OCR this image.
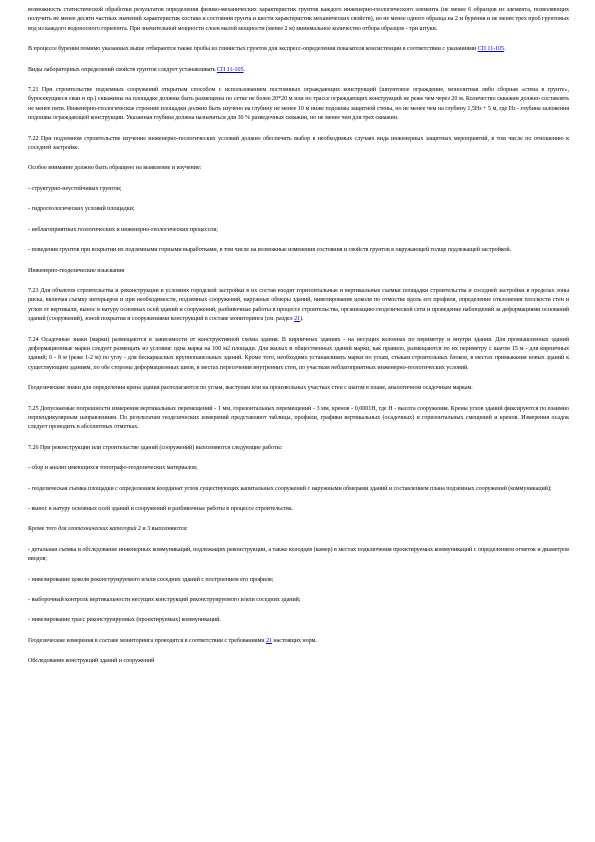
возможность статистической обработки результатов определения физико-механических характеристик грунтов каждого инженерно-геологического элемента (не менее 6 образцов из элемента, позволяющих получить не менее десяти частных значений характеристик состава и состояния грунта и шести характеристик механических свойств), но не менее одного образца на 2 м бурения и не менее трех проб грунтовых вод из каждого водоносного горизонта. При значительной мощности слоев малой мощности (менее 2 м) минимальное количество отбора образцов - три штуки.

В процессе бурения помимо указанных выше отбираются также пробы из глинистых грунтов для экспресс-определения показателя консистенции в соответствии с указаниями СП 11-105.

Виды лабораторных определений свойств грунтов следует устанавливать СП 11-105.

7.21 При строительстве подземных сооружений открытым способом с использованием постоянных ограждающих конструкций (шпунтовое ограждение, монолитная либо сборная «стена в грунте», буросекущиеся сваи и пр.) скважины на площадке должны быть размещены по сетке не более 20*20 м или по трассе ограждающих конструкций не реже чем через 20 м. Количество скважин должно составлять не менее пяти. Инженерно-геологическое строение площадки должно быть изучено на глубину не менее 10 м ниже подошвы защитной стены, но не менее чем на глубину 1,5Hз + 5 м, где Hз - глубина заложения подошвы ограждающей конструкции. Указанная глубина должна назначаться для 30 % разведочных скважин, но не менее чем для трех скважин.

7.22 При подземном строительстве изучение инженерно-геологических условий должно обеспечить выбор в необходимых случаях вида инженерных защитных мероприятий, в том числе по отношению к соседней застройке.

Особое внимание должно быть обращено на выявление и изучение:

- структурно-неустойчивых грунтов;

- гидрогеологических условий площадки;

- неблагоприятных геологических и инженерно-геологических процессов;

- поведения грунтов при вскрытии их подземными горными выработками, в том числе на возможные изменения состояния и свойств грунтов в окружающей толще подлежащей застройкой.

Инженерно-геодезические изыскания

7.23 Для объектов строительства и реконструкции в условиях городской застройки в их состав входят горизонтальные и вертикальные съемки площадки строительства и соседней застройки в пределах зоны риска, включая съемку интерьеров и при необходимости, подземных сооружений, наружные обмеры зданий, нивелирование цоколя по отмостке вдоль его профиля, определение отклонения плоскости стен и углов от вертикали, вынос в натуру основных осей зданий и сооружений, разбивочные работы в процессе строительства, организацию геодезической сети и проведение наблюдений за деформациями оснований зданий (сооружений), зоной покрытия и сооружениями конструкций в составе мониторинга (см. раздел 21).

7.24 Осадочные знаки (марки) размещаются в зависимости от конструктивной схемы здания. В кирпичных зданиях - на несущих колоннах по периметру и внутри здания. Для промышленных зданий деформационные марки следует размещать из условия: одна марка на 100 м2 площади. Для жилых и общественных зданий марки, как правило, размещаются по их периметру с шагом 15 м - для кирпичных зданий; 6 - 8 м (реже 1-2 м) по углу - для бескаркасных крупнопанельных зданий. Кроме того, необходимо устанавливать марки по углам, стыкам строительных блоков, в местах примыкания новых зданий к существующим зданиям, по обе стороны деформационных швов, в местах пересечения внутренних стен, по участкам неблагоприятных инженерно-геологических условий.

Геодезические знаки для определения крена здания располагаются по углам, выступам или на произвольных участках стен с шагом в плане, аналогичном осадочным маркам.

7.25 Допускаемые погрешности измерения вертикальных перемещений - 1 мм, горизонтальных перемещений - 3 мм, кренов - 0,0001Н, где Н - высота сооружения. Крены углов зданий фиксируются по взаимно перпендикулярным направлениям. По результатам геодезических измерений представляют таблицы, профили, графики вертикальных (осадочных) и горизонтальных смещений и кренов. Измерения осадок следует проводить в абсолютных отметках.

7.26 При реконструкции или строительстве зданий (сооружений) выполняются следующие работы:

- сбор и анализ имеющихся топографо-геодезических материалов;

- геодезическая съемка площадки с определением координат углов существующих капитальных сооружений с наружными обмерами зданий и составлением плана подземных сооружений (коммуникаций);

- вынос в натуру основных осей зданий и сооружений и разбивочные работы в процессе строительства.

Кроме того для геотехнических категорий 2 и 3 выполняются:

- детальная съемка и обследование инженерных коммуникаций, подлежащих реконструкции, а также колодцев (камер) в местах подключения проектируемых коммуникаций с определением отметок и диаметров вводов;

- нивелирование цоколя реконструируемого и/или соседних зданий с построением его профиля;

- выборочный контроль вертикальности несущих конструкций реконструируемого и/или соседних зданий;

- нивелирование трасс реконструируемых (проектируемых) коммуникаций.

Геодезические измерения в составе мониторинга проводятся в соответствии с требованиями 21 настоящих норм.

Обследование конструкций зданий и сооружений
